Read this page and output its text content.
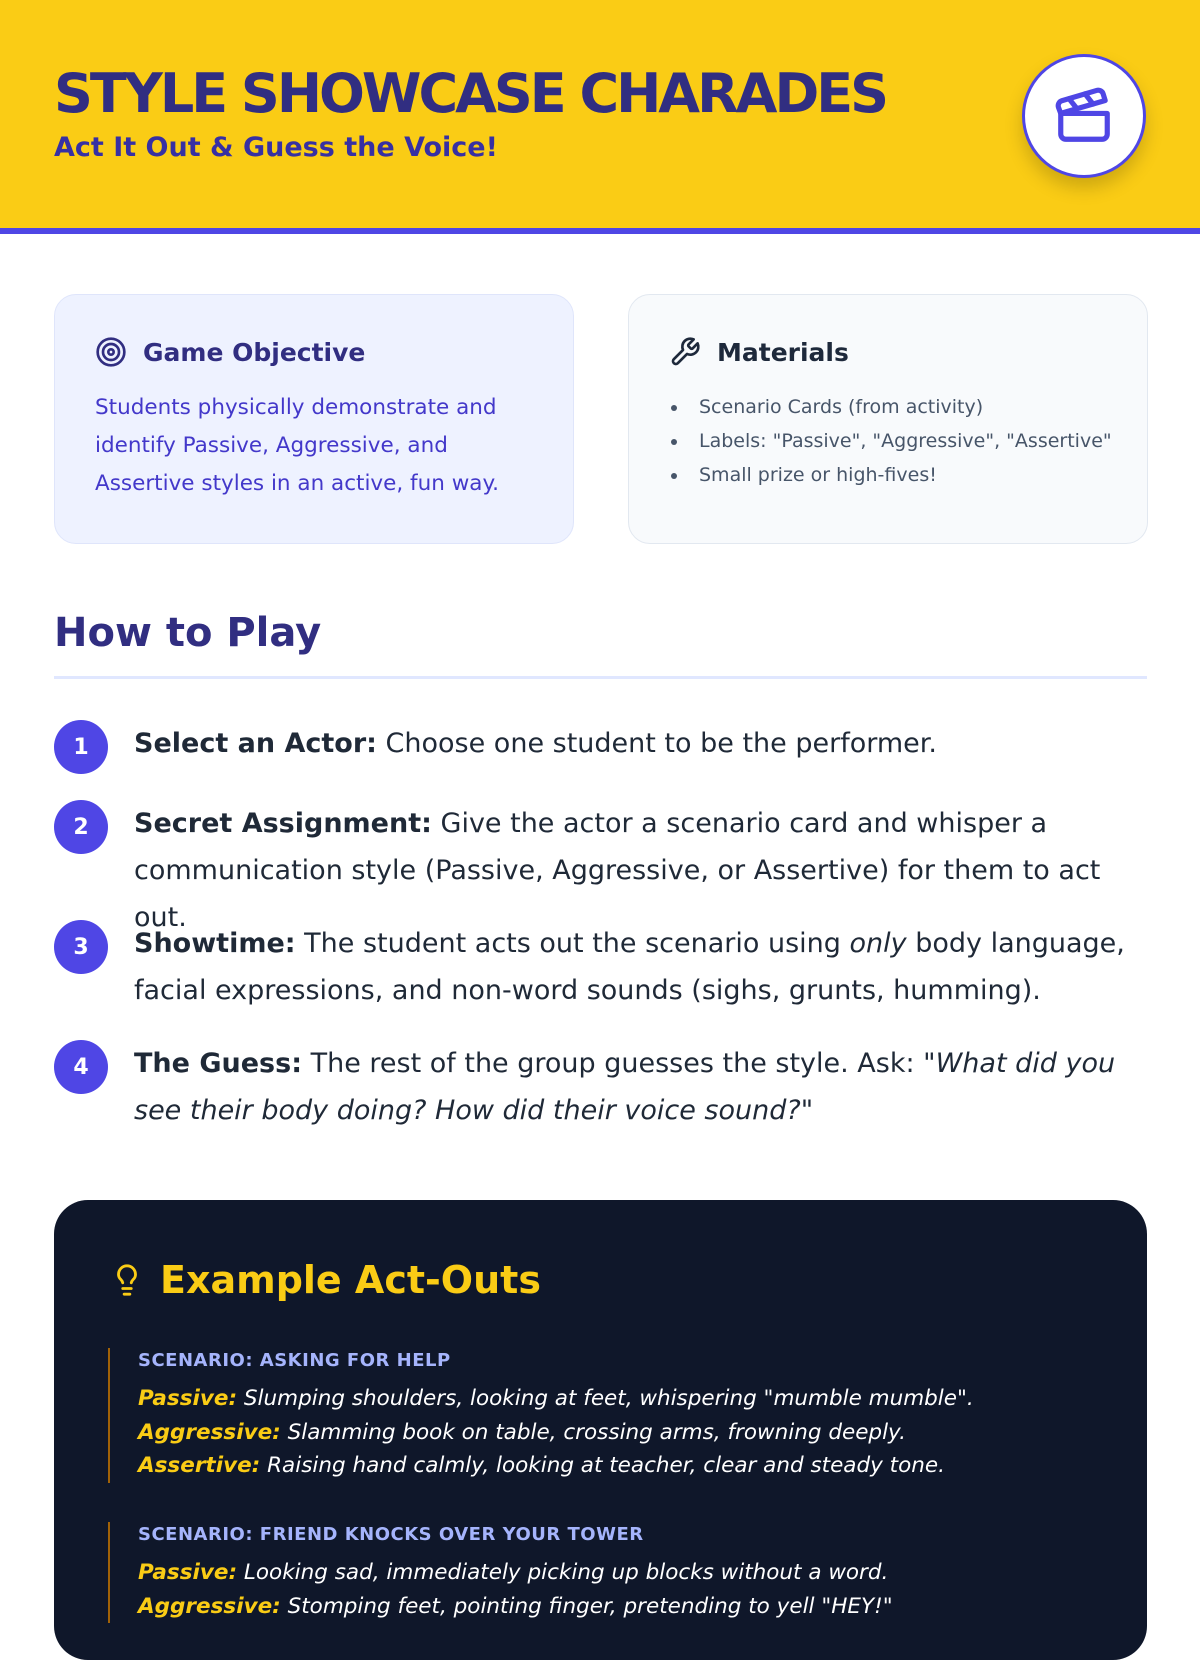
STYLE SHOWCASE CHARADES
Act It Out & Guess the Voice!
Game Objective
Students physically demonstrate and identify Passive, Aggressive, and Assertive styles in an active, fun way.
Materials
Scenario Cards (from activity)
Labels: "Passive", "Aggressive", "Assertive"
Small prize or high-fives!
How to Play
1	Select an Actor: Choose one student to be the performer.
2	Secret Assignment: Give the actor a scenario card and whisper a communication style (Passive, Aggressive, or Assertive) for them to act out.
3	Showtime: The student acts out the scenario using only body language, facial expressions, and non-word sounds (sighs, grunts, humming).
4	The Guess: The rest of the group guesses the style. Ask: "What did you see their body doing? How did their voice sound?"
Example Act-Outs
SCENARIO: ASKING FOR HELP
Passive: Slumping shoulders, looking at feet, whispering "mumble mumble".
Aggressive: Slamming book on table, crossing arms, frowning deeply.
Assertive: Raising hand calmly, looking at teacher, clear and steady tone.
SCENARIO: FRIEND KNOCKS OVER YOUR TOWER
Passive: Looking sad, immediately picking up blocks without a word.
Aggressive: Stomping feet, pointing finger, pretending to yell "HEY!"
